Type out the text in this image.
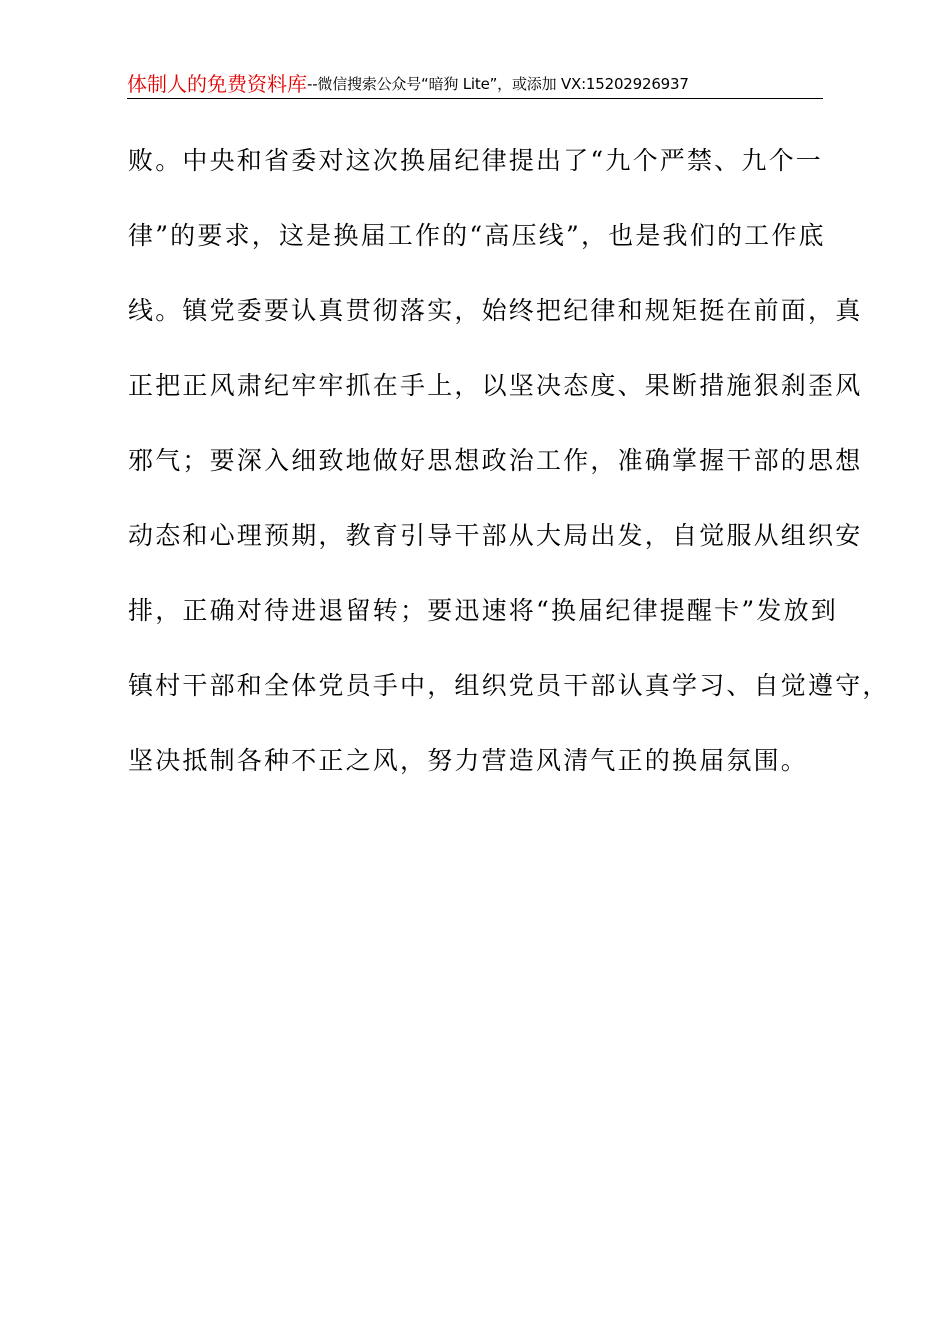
体制人的免费资料库--微信搜索公众号“暗狗 Lite”，或添加 VX:15202926937
败。中央和省委对这次换届纪律提出了“九个严禁、九个一
律”的要求，这是换届工作的“高压线”，也是我们的工作底
线。镇党委要认真贯彻落实，始终把纪律和规矩挺在前面，真
正把正风肃纪牢牢抓在手上，以坚决态度、果断措施狠刹歪风
邪气；要深入细致地做好思想政治工作，准确掌握干部的思想
动态和心理预期，教育引导干部从大局出发，自觉服从组织安
排，正确对待进退留转；要迅速将“换届纪律提醒卡”发放到
镇村干部和全体党员手中，组织党员干部认真学习、自觉遵守，
坚决抵制各种不正之风，努力营造风清气正的换届氛围。
